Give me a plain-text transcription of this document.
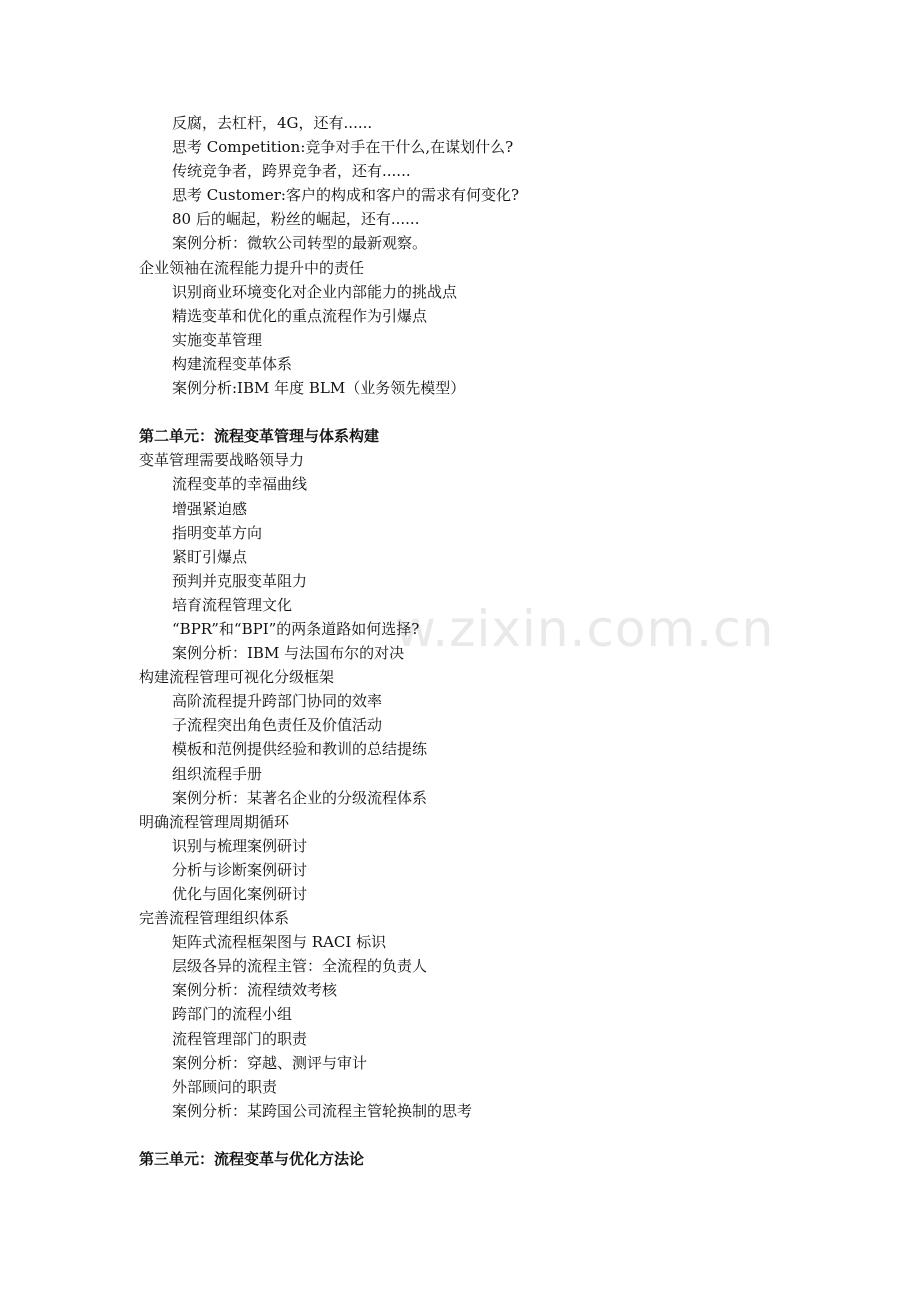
w.zixin.com.cn
反腐，去杠杆，4G，还有......
思考 Competition:竞争对手在干什么,在谋划什么?
传统竞争者，跨界竞争者，还有......
思考 Customer:客户的构成和客户的需求有何变化?
80 后的崛起，粉丝的崛起，还有......
案例分析：微软公司转型的最新观察。
企业领袖在流程能力提升中的责任
识别商业环境变化对企业内部能力的挑战点
精选变革和优化的重点流程作为引爆点
实施变革管理
构建流程变革体系
案例分析:IBM 年度 BLM（业务领先模型）
第二单元：流程变革管理与体系构建
变革管理需要战略领导力
流程变革的幸福曲线
增强紧迫感
指明变革方向
紧盯引爆点
预判并克服变革阻力
培育流程管理文化
“BPR”和“BPI”的两条道路如何选择?
案例分析：IBM 与法国布尔的对决
构建流程管理可视化分级框架
高阶流程提升跨部门协同的效率
子流程突出角色责任及价值活动
模板和范例提供经验和教训的总结提练
组织流程手册
案例分析：某著名企业的分级流程体系
明确流程管理周期循环
识别与梳理案例研讨
分析与诊断案例研讨
优化与固化案例研讨
完善流程管理组织体系
矩阵式流程框架图与 RACI 标识
层级各异的流程主管：全流程的负责人
案例分析：流程绩效考核
跨部门的流程小组
流程管理部门的职责
案例分析：穿越、测评与审计
外部顾问的职责
案例分析：某跨国公司流程主管轮换制的思考
第三单元：流程变革与优化方法论
